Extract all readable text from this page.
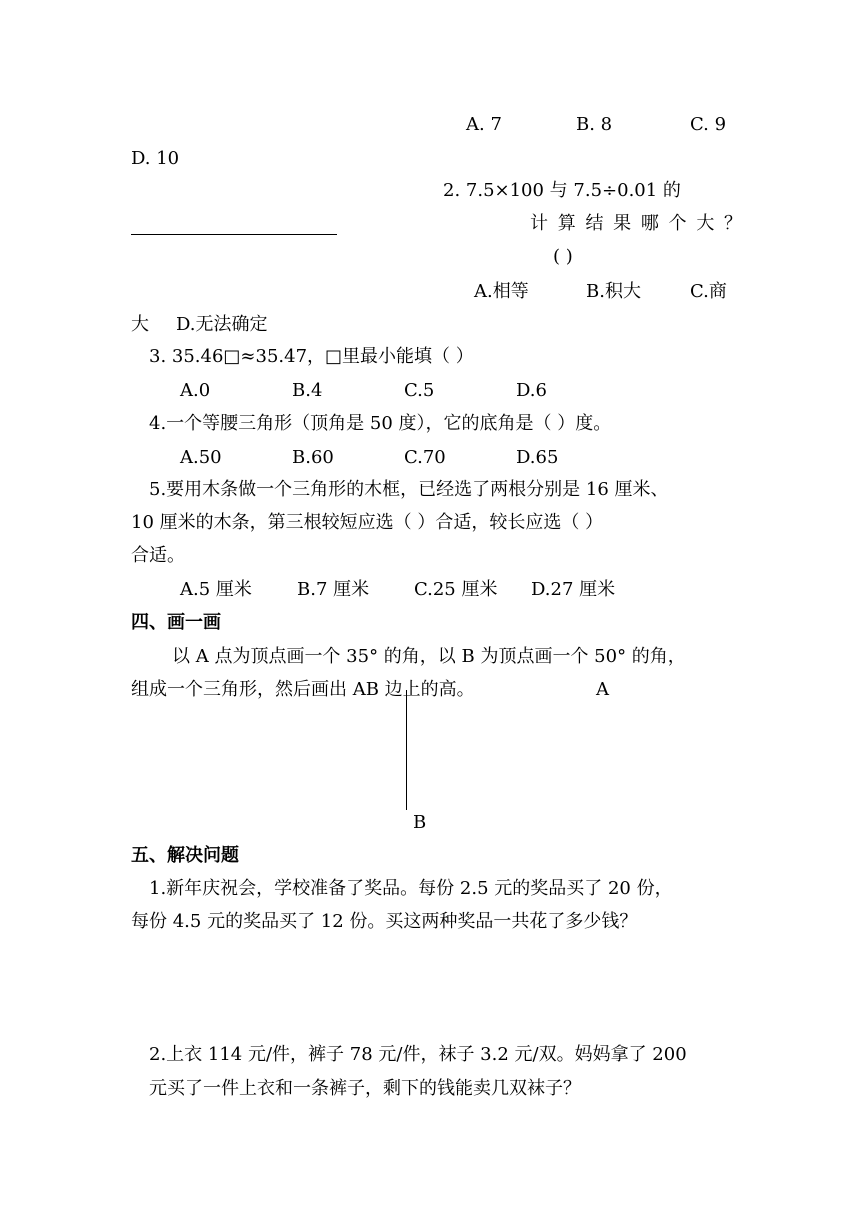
A. 7	B. 8	C. 9
D. 10
2. 7.5×100 与 7.5÷0.01 的
计 算 结 果 哪 个 大 ？
( )
A.相等	B.积大	C.商
大 D.无法确定
3. 35.46□≈35.47，□里最小能填（ ）
A.0	B.4	C.5	D.6
4.一个等腰三角形（顶角是 50 度），它的底角是（ ）度。
A.50	B.60	C.70	D.65
5.要用木条做一个三角形的木框，已经选了两根分别是 16 厘米、
10 厘米的木条，第三根较短应选（ ）合适，较长应选（ ）
合适。
A.5 厘米	B.7 厘米 C.25 厘米 D.27 厘米
四、画一画
以 A 点为顶点画一个 35° 的角，以 B 为顶点画一个 50° 的角，
组成一个三角形，然后画出 AB 边上的高。	A
B
五、解决问题
1.新年庆祝会，学校准备了奖品。每份 2.5 元的奖品买了 20 份，
每份 4.5 元的奖品买了 12 份。买这两种奖品一共花了多少钱？
2.上衣 114 元/件，裤子 78 元/件，袜子 3.2 元/双。妈妈拿了 200
元买了一件上衣和一条裤子，剩下的钱能卖几双袜子？
